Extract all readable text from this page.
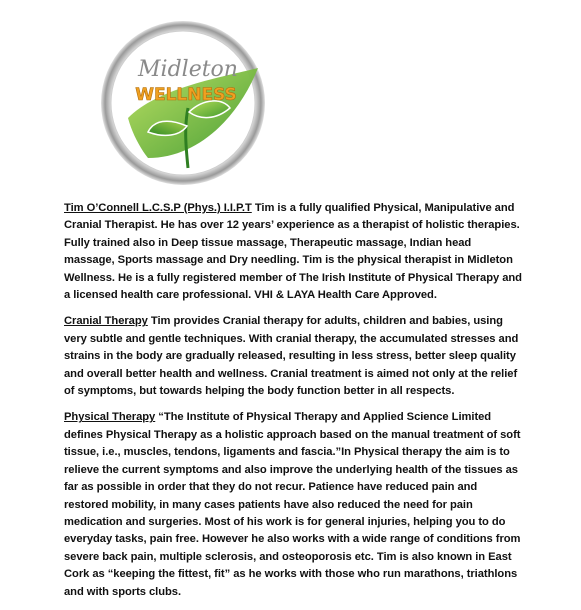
Midleton
WELLNESS

Tim O’Connell L.C.S.P (Phys.) I.I.P.T Tim is a fully qualified Physical, Manipulative and Cranial Therapist. He has over 12 years’ experience as a therapist of holistic therapies. Fully trained also in Deep tissue massage, Therapeutic massage, Indian head massage, Sports massage and Dry needling. Tim is the physical therapist in Midleton Wellness. He is a fully registered member of The Irish Institute of Physical Therapy and a licensed health care professional. VHI & LAYA Health Care Approved.

Cranial Therapy Tim provides Cranial therapy for adults, children and babies, using very subtle and gentle techniques. With cranial therapy, the accumulated stresses and strains in the body are gradually released, resulting in less stress, better sleep quality and overall better health and wellness. Cranial treatment is aimed not only at the relief of symptoms, but towards helping the body function better in all respects.

Physical Therapy “The Institute of Physical Therapy and Applied Science Limited defines Physical Therapy as a holistic approach based on the manual treatment of soft tissue, i.e., muscles, tendons, ligaments and fascia.”In Physical therapy the aim is to relieve the current symptoms and also improve the underlying health of the tissues as far as possible in order that they do not recur. Patience have reduced pain and restored mobility, in many cases patients have also reduced the need for pain medication and surgeries. Most of his work is for general injuries, helping you to do everyday tasks, pain free. However he also works with a wide range of conditions from severe back pain, multiple sclerosis, and osteoporosis etc. Tim is also known in East Cork as “keeping the fittest, fit” as he works with those who run marathons, triathlons and with sports clubs.
